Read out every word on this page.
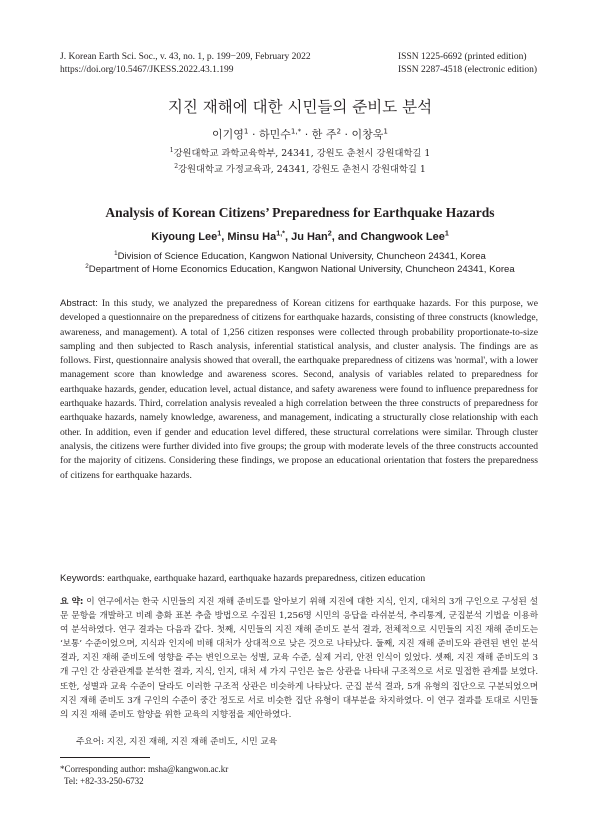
J. Korean Earth Sci. Soc., v. 43, no. 1, p. 199−209, February 2022
https://doi.org/10.5467/JKESS.2022.43.1.199
ISSN 1225-6692 (printed edition)
ISSN 2287-4518 (electronic edition)
지진 재해에 대한 시민들의 준비도 분석
이기영$^1$ · 하민수$^{1,*}$ · 한 주$^2$ · 이창욱$^1$
$^1$강원대학교 과학교육학부, 24341, 강원도 춘천시 강원대학길 1
$^2$강원대학교 가정교육과, 24341, 강원도 춘천시 강원대학길 1
Analysis of Korean Citizens’ Preparedness for Earthquake Hazards
Kiyoung Lee$^1$, Minsu $Ha^{1,*}$, Ju Han$^2$, and Changwook Lee$^1$
$^1$Division of Science Education, Kangwon National University, Chuncheon 24341, Korea
$^2$Department of Home Economics Education, Kangwon National University, Chuncheon 24341, Korea

Abstract: In this study, we analyzed the preparedness of Korean citizens for earthquake hazards. For this purpose, we developed a questionnaire on the preparedness of citizens for earthquake hazards, consisting of three constructs (knowledge, awareness, and management). A total of 1,256 citizen responses were collected through probability proportionate-to-size sampling and then subjected to Rasch analysis, inferential statistical analysis, and cluster analysis. The findings are as follows. First, questionnaire analysis showed that overall, the earthquake preparedness of citizens was 'normal', with a lower management score than knowledge and awareness scores. Second, analysis of variables related to preparedness for earthquake hazards, gender, education level, actual distance, and safety awareness were found to influence preparedness for earthquake hazards. Third, correlation analysis revealed a high correlation between the three constructs of preparedness for earthquake hazards, namely knowledge, awareness, and management, indicating a structurally close relationship with each other. In addition, even if gender and education level differed, these structural correlations were similar. Through cluster analysis, the citizens were further divided into five groups; the group with moderate levels of the three constructs accounted for the majority of citizens. Considering these findings, we propose an educational orientation that fosters the preparedness of citizens for earthquake hazards.

Keywords: earthquake, earthquake hazard, earthquake hazards preparedness, citizen education

요 약: 이 연구에서는 한국 시민들의 지진 재해 준비도를 알아보기 위해 지진에 대한 지식, 인지, 대처의 3개 구인으로 구성된 설문 문항을 개발하고 비례 층화 표본 추출 방법으로 수집된 1,256명 시민의 응답을 라쉬분석, 추리통계, 군집분석 기법을 이용하여 분석하였다. 연구 결과는 다음과 같다. 첫째, 시민들의 지진 재해 준비도 분석 결과, 전체적으로 시민들의 지진 재해 준비도는 ‘보통’ 수준이었으며, 지식과 인지에 비해 대처가 상대적으로 낮은 것으로 나타났다. 둘째, 지진 재해 준비도와 관련된 변인 분석 결과, 지진 재해 준비도에 영향을 주는 변인으로는 성별, 교육 수준, 실제 거리, 안전 인식이 있었다. 셋째, 지진 재해 준비도의 3개 구인 간 상관관계를 분석한 결과, 지식, 인지, 대처 세 가지 구인은 높은 상관을 나타내 구조적으로 서로 밀접한 관계를 보였다. 또한, 성별과 교육 수준이 달라도 이러한 구조적 상관은 비슷하게 나타났다. 군집 분석 결과, 5개 유형의 집단으로 구분되었으며 지진 재해 준비도 3개 구인의 수준이 중간 정도로 서로 비슷한 집단 유형이 대부분을 차지하였다. 이 연구 결과를 토대로 시민들의 지진 재해 준비도 함양을 위한 교육의 지향점을 제안하였다.

주요어: 지진, 지진 재해, 지진 재해 준비도, 시민 교육
*Corresponding author: msha@kangwon.ac.kr
Tel: +82-33-250-6732
